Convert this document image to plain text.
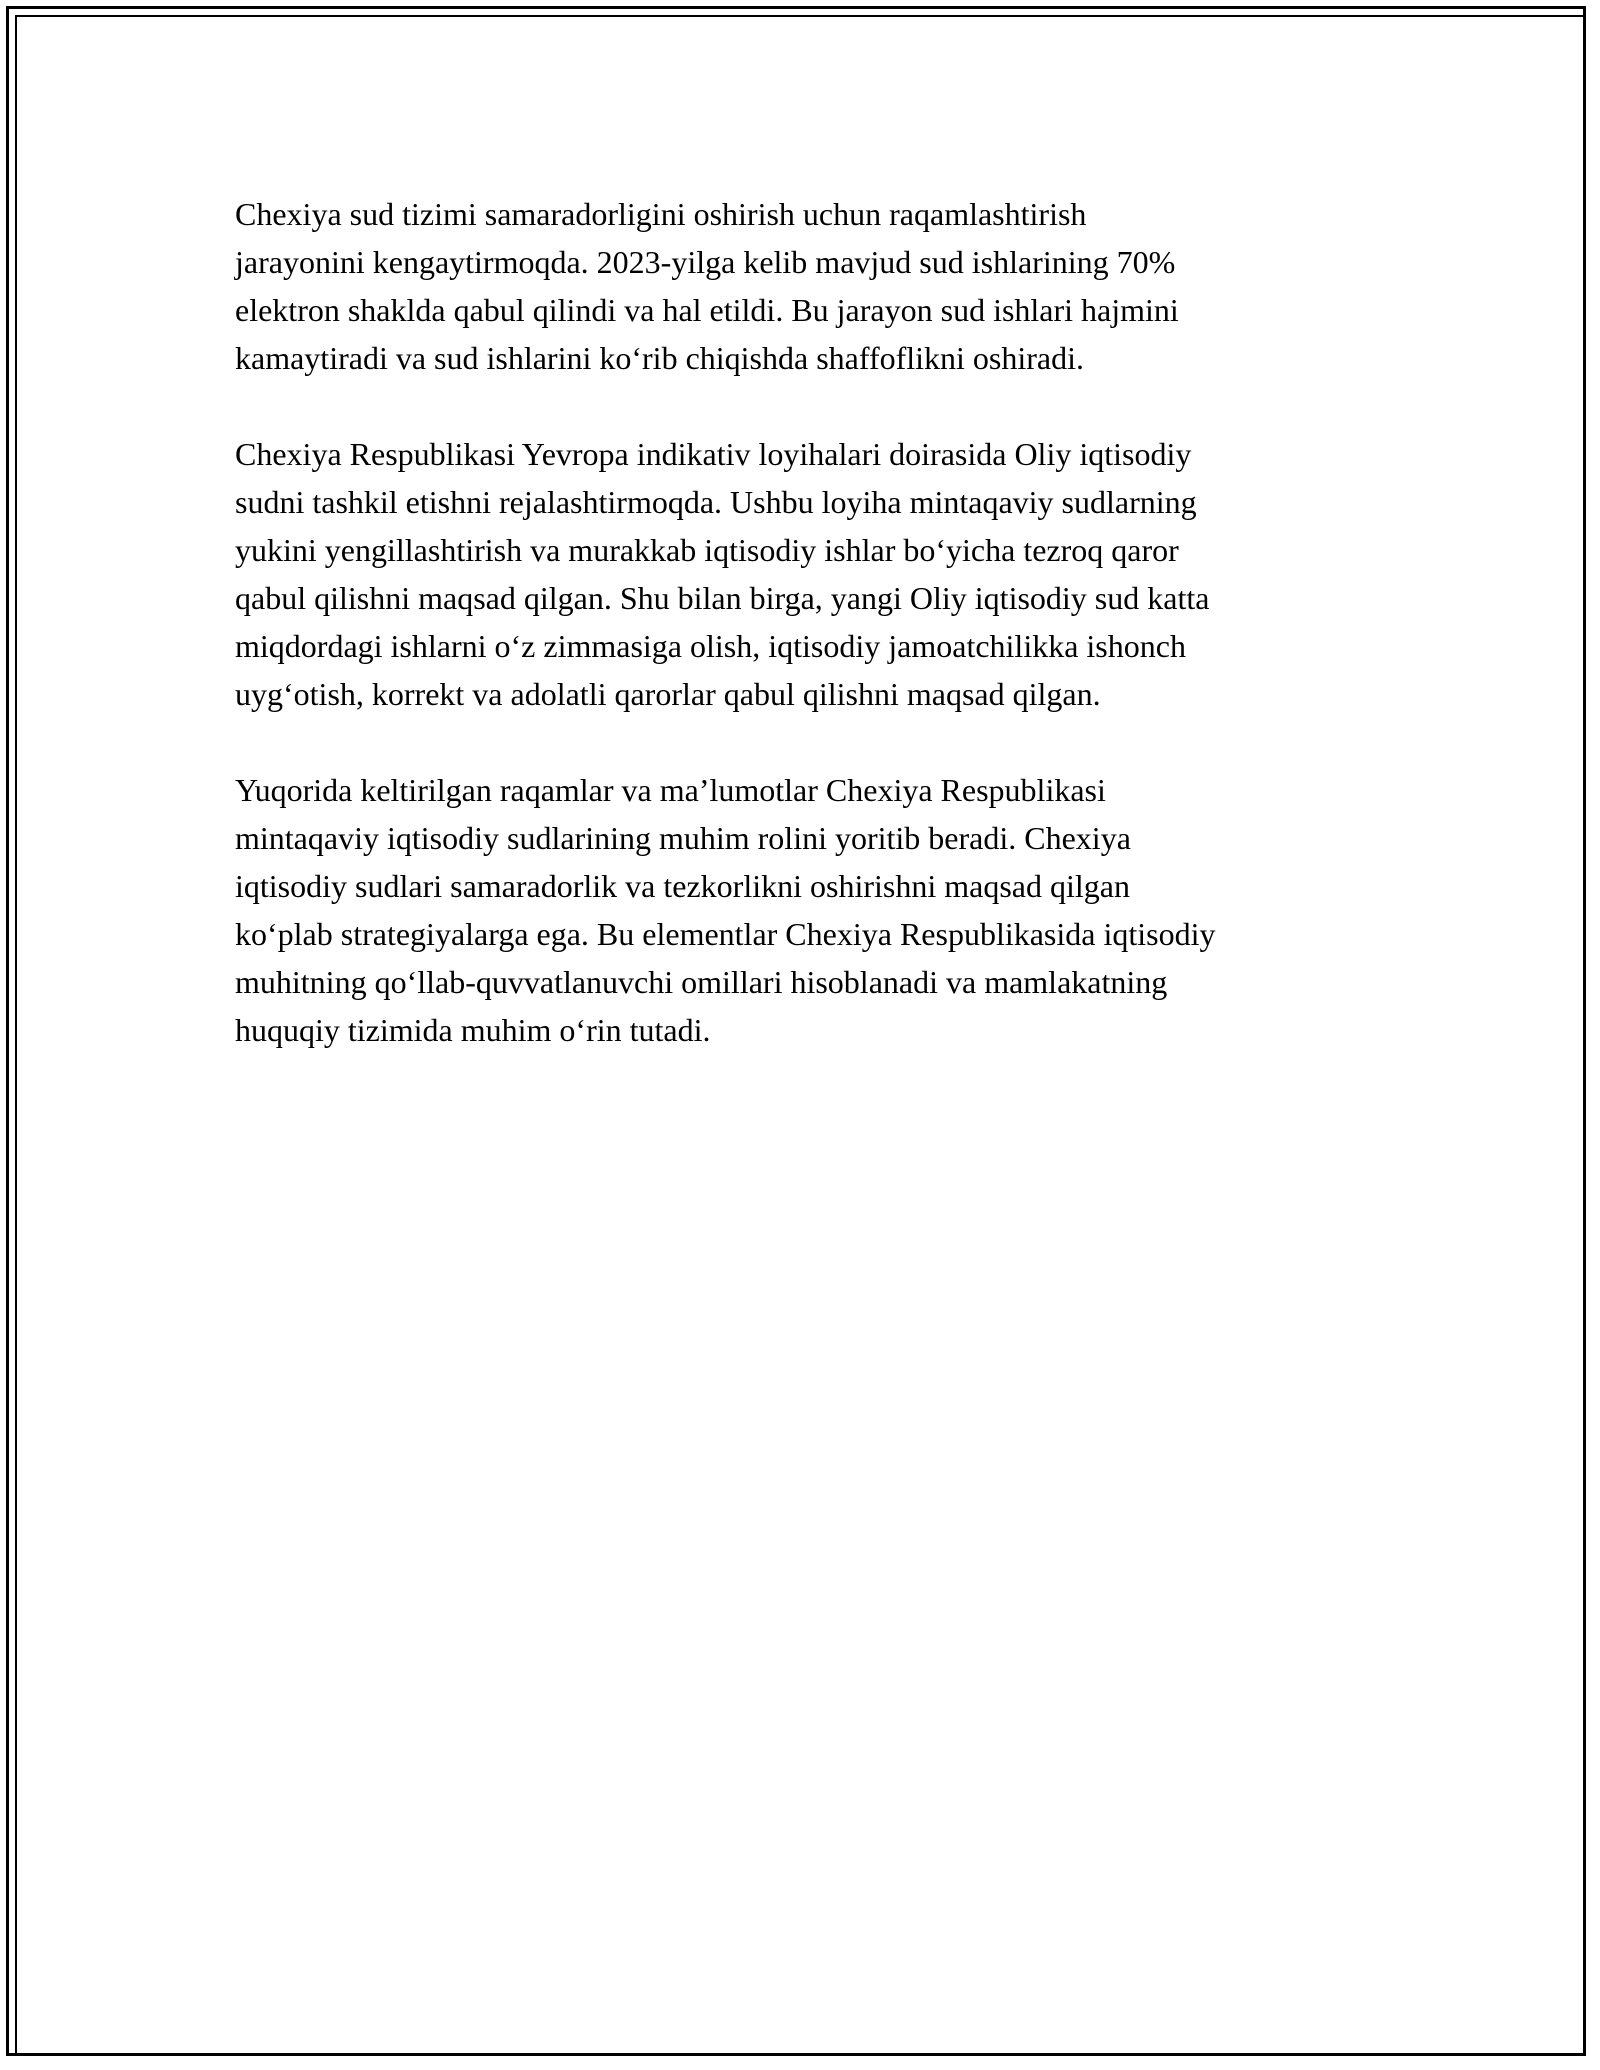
Chexiya sud tizimi samaradorligini oshirish uchun raqamlashtirish
jarayonini kengaytirmoqda. 2023-yilga kelib mavjud sud ishlarining 70%
elektron shaklda qabul qilindi va hal etildi. Bu jarayon sud ishlari hajmini
kamaytiradi va sud ishlarini ko‘rib chiqishda shaffoflikni oshiradi.

Chexiya Respublikasi Yevropa indikativ loyihalari doirasida Oliy iqtisodiy
sudni tashkil etishni rejalashtirmoqda. Ushbu loyiha mintaqaviy sudlarning
yukini yengillashtirish va murakkab iqtisodiy ishlar bo‘yicha tezroq qaror
qabul qilishni maqsad qilgan. Shu bilan birga, yangi Oliy iqtisodiy sud katta
miqdordagi ishlarni o‘z zimmasiga olish, iqtisodiy jamoatchilikka ishonch
uyg‘otish, korrekt va adolatli qarorlar qabul qilishni maqsad qilgan.

Yuqorida keltirilgan raqamlar va ma’lumotlar Chexiya Respublikasi
mintaqaviy iqtisodiy sudlarining muhim rolini yoritib beradi. Chexiya
iqtisodiy sudlari samaradorlik va tezkorlikni oshirishni maqsad qilgan
ko‘plab strategiyalarga ega. Bu elementlar Chexiya Respublikasida iqtisodiy
muhitning qo‘llab-quvvatlanuvchi omillari hisoblanadi va mamlakatning
huquqiy tizimida muhim o‘rin tutadi.
